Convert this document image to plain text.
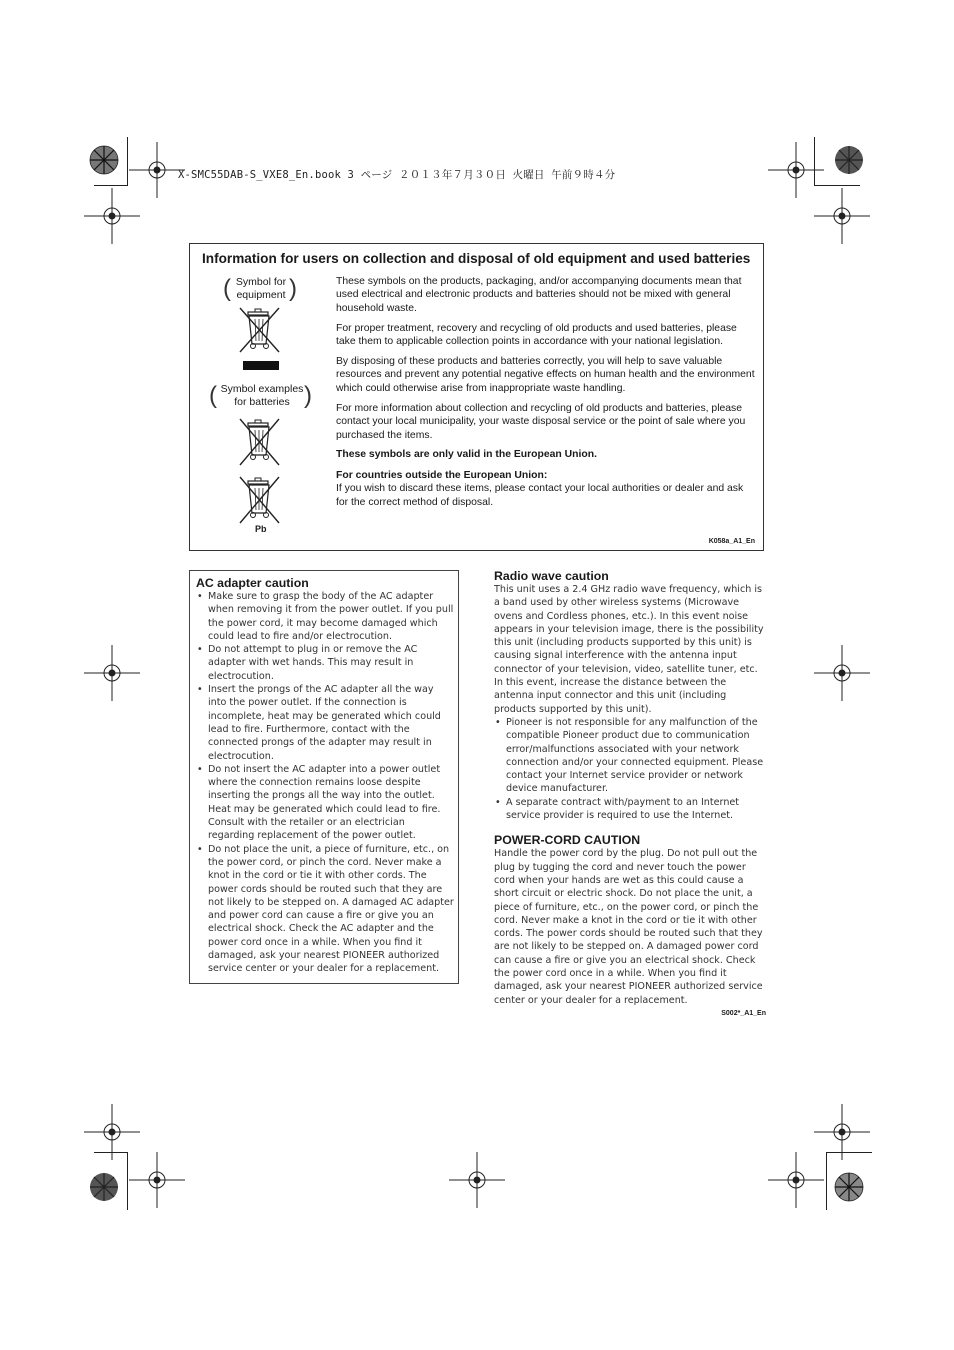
X-SMC55DAB-S_VXE8_En.book 3 ページ ２０１３年７月３０日 火曜日 午前９時４分
Information for users on collection and disposal of old equipment and used batteries
( Symbol for
equipment )
( Symbol examples
for batteries )
Pb

These symbols on the products, packaging, and/or accompanying documents mean that used electrical and electronic products and batteries should not be mixed with general household waste.

For proper treatment, recovery and recycling of old products and used batteries, please take them to applicable collection points in accordance with your national legislation.

By disposing of these products and batteries correctly, you will help to save valuable resources and prevent any potential negative effects on human health and the environment which could otherwise arise from inappropriate waste handling.

For more information about collection and recycling of old products and batteries, please contact your local municipality, your waste disposal service or the point of sale where you purchased the items.

These symbols are only valid in the European Union.

For countries outside the European Union:

If you wish to discard these items, please contact your local authorities or dealer and ask for the correct method of disposal.

K058a_A1_En

AC adapter caution

• Make sure to grasp the body of the AC adapter when removing it from the power outlet. If you pull the power cord, it may become damaged which could lead to fire and/or electrocution.
• Do not attempt to plug in or remove the AC adapter with wet hands. This may result in electrocution.
• Insert the prongs of the AC adapter all the way into the power outlet. If the connection is incomplete, heat may be generated which could lead to fire. Furthermore, contact with the connected prongs of the adapter may result in electrocution.
• Do not insert the AC adapter into a power outlet where the connection remains loose despite inserting the prongs all the way into the outlet. Heat may be generated which could lead to fire. Consult with the retailer or an electrician regarding replacement of the power outlet.
• Do not place the unit, a piece of furniture, etc., on the power cord, or pinch the cord. Never make a knot in the cord or tie it with other cords. The power cords should be routed such that they are not likely to be stepped on. A damaged AC adapter and power cord can cause a fire or give you an electrical shock. Check the AC adapter and the power cord once in a while. When you find it damaged, ask your nearest PIONEER authorized service center or your dealer for a replacement.

Radio wave caution

This unit uses a 2.4 GHz radio wave frequency, which is a band used by other wireless systems (Microwave ovens and Cordless phones, etc.). In this event noise appears in your television image, there is the possibility this unit (including products supported by this unit) is causing signal interference with the antenna input connector of your television, video, satellite tuner, etc. In this event, increase the distance between the antenna input connector and this unit (including products supported by this unit).

• Pioneer is not responsible for any malfunction of the compatible Pioneer product due to communication error/malfunctions associated with your network connection and/or your connected equipment. Please contact your Internet service provider or network device manufacturer.
• A separate contract with/payment to an Internet service provider is required to use the Internet.

POWER-CORD CAUTION

Handle the power cord by the plug. Do not pull out the plug by tugging the cord and never touch the power cord when your hands are wet as this could cause a short circuit or electric shock. Do not place the unit, a piece of furniture, etc., on the power cord, or pinch the cord. Never make a knot in the cord or tie it with other cords. The power cords should be routed such that they are not likely to be stepped on. A damaged power cord can cause a fire or give you an electrical shock. Check the power cord once in a while. When you find it damaged, ask your nearest PIONEER authorized service center or your dealer for a replacement.

S002*_A1_En
